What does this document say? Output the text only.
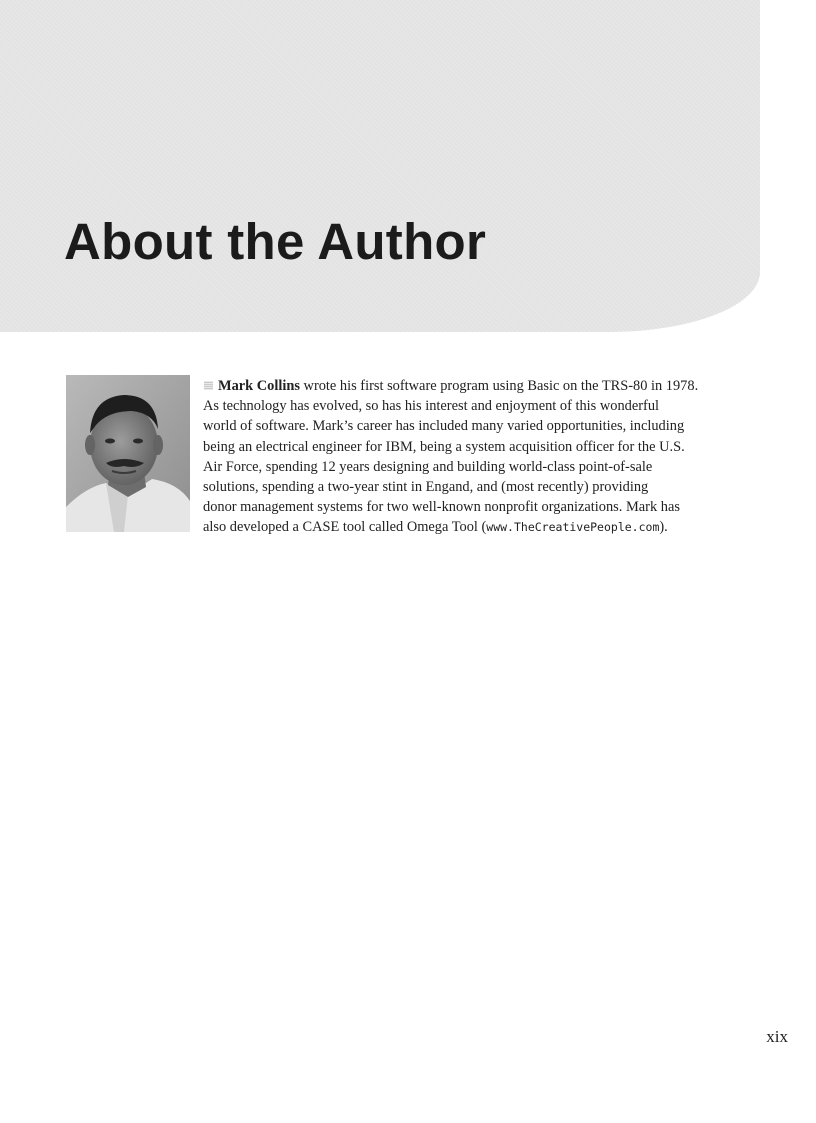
About the Author

Mark Collins wrote his first software program using Basic on the TRS-80 in 1978.
As technology has evolved, so has his interest and enjoyment of this wonderful
world of software. Mark’s career has included many varied opportunities, including
being an electrical engineer for IBM, being a system acquisition officer for the U.S.
Air Force, spending 12 years designing and building world-class point-of-sale
solutions, spending a two-year stint in Engand, and (most recently) providing
donor management systems for two well-known nonprofit organizations. Mark has
also developed a CASE tool called Omega Tool (www.TheCreativePeople.com).

xix
